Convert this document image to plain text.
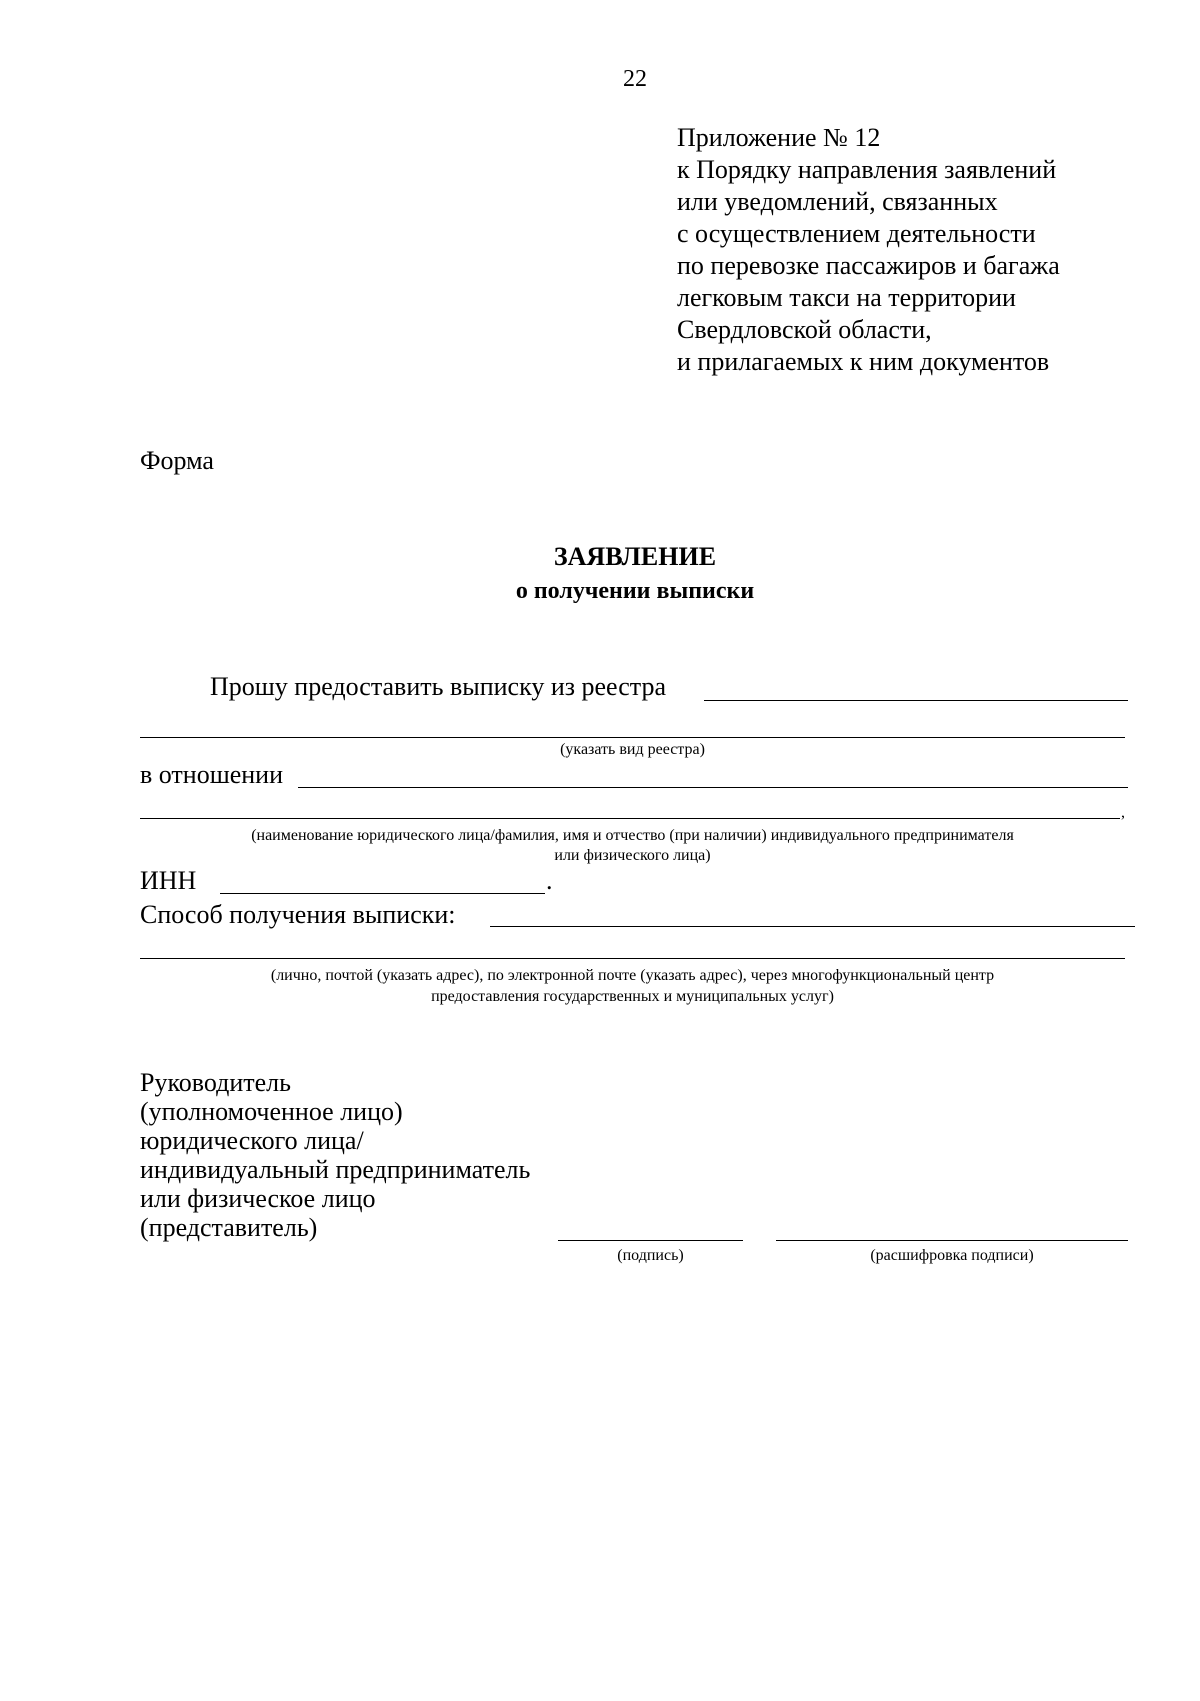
22
Приложение № 12
к Порядку направления заявлений
или уведомлений, связанных
с осуществлением деятельности
по перевозке пассажиров и багажа
легковым такси на территории
Свердловской области,
и прилагаемых к ним документов
Форма
ЗАЯВЛЕНИЕ
о получении выписки
Прошу предоставить выписку из реестра
(указать вид реестра)
в отношении
,
(наименование юридического лица/фамилия, имя и отчество (при наличии) индивидуального предпринимателя
или физического лица)
ИНН	.
Способ получения выписки:
(лично, почтой (указать адрес), по электронной почте (указать адрес), через многофункциональный центр
предоставления государственных и муниципальных услуг)
Руководитель
(уполномоченное лицо)
юридического лица/
индивидуальный предприниматель
или физическое лицо
(представитель)
(подпись)	(расшифровка подписи)
